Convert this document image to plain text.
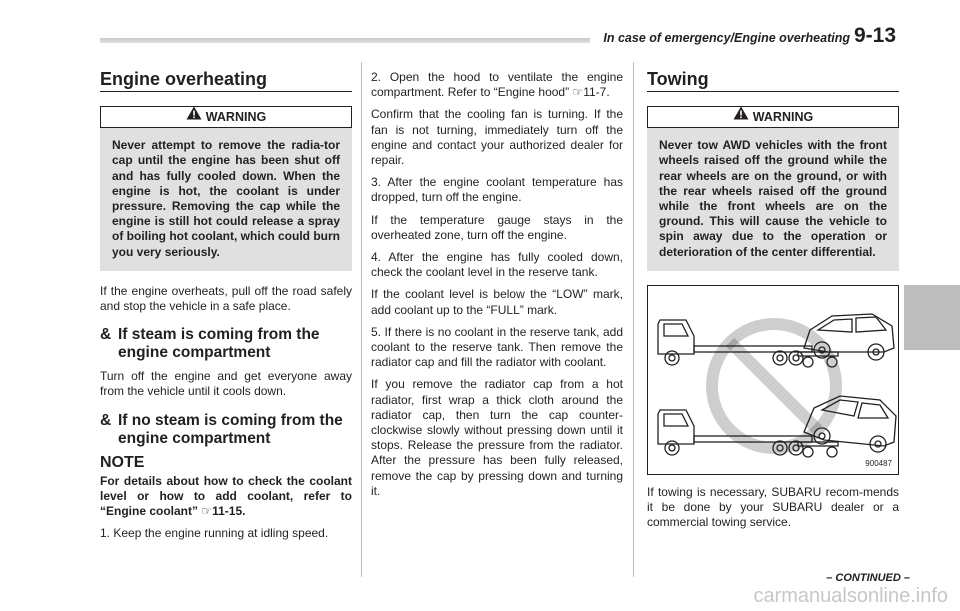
In case of emergency/Engine overheating 9-13
Engine overheating
WARNING
Never attempt to remove the radia-tor cap until the engine has been shut off and has fully cooled down. When the engine is hot, the coolant is under pressure. Removing the cap while the engine is still hot could release a spray of boiling hot coolant, which could burn you very seriously.

If the engine overheats, pull off the road safely and stop the vehicle in a safe place.

& If steam is coming from the engine compartment

Turn off the engine and get everyone away from the vehicle until it cools down.

& If no steam is coming from the engine compartment
NOTE

For details about how to check the coolant level or how to add coolant, refer to “Engine coolant” ☞11-15.

1. Keep the engine running at idling speed.

2. Open the hood to ventilate the engine compartment. Refer to “Engine hood” ☞11-7.

Confirm that the cooling fan is turning. If the fan is not turning, immediately turn off the engine and contact your authorized dealer for repair.

3. After the engine coolant temperature has dropped, turn off the engine.

If the temperature gauge stays in the overheated zone, turn off the engine.

4. After the engine has fully cooled down, check the coolant level in the reserve tank.

If the coolant level is below the “LOW” mark, add coolant up to the “FULL” mark.

5. If there is no coolant in the reserve tank, add coolant to the reserve tank. Then remove the radiator cap and fill the radiator with coolant.

If you remove the radiator cap from a hot radiator, first wrap a thick cloth around the radiator cap, then turn the cap counter-clockwise slowly without pressing down until it stops. Release the pressure from the radiator. After the pressure has been fully released, remove the cap by pressing down and turning it.

Towing
WARNING
Never tow AWD vehicles with the front wheels raised off the ground while the rear wheels are on the ground, or with the rear wheels raised off the ground while the front wheels are on the ground. This will cause the vehicle to spin away due to the operation or deterioration of the center differential.
900487

If towing is necessary, SUBARU recom-mends it be done by your SUBARU dealer or a commercial towing service.

– CONTINUED –
carmanualsonline.info
